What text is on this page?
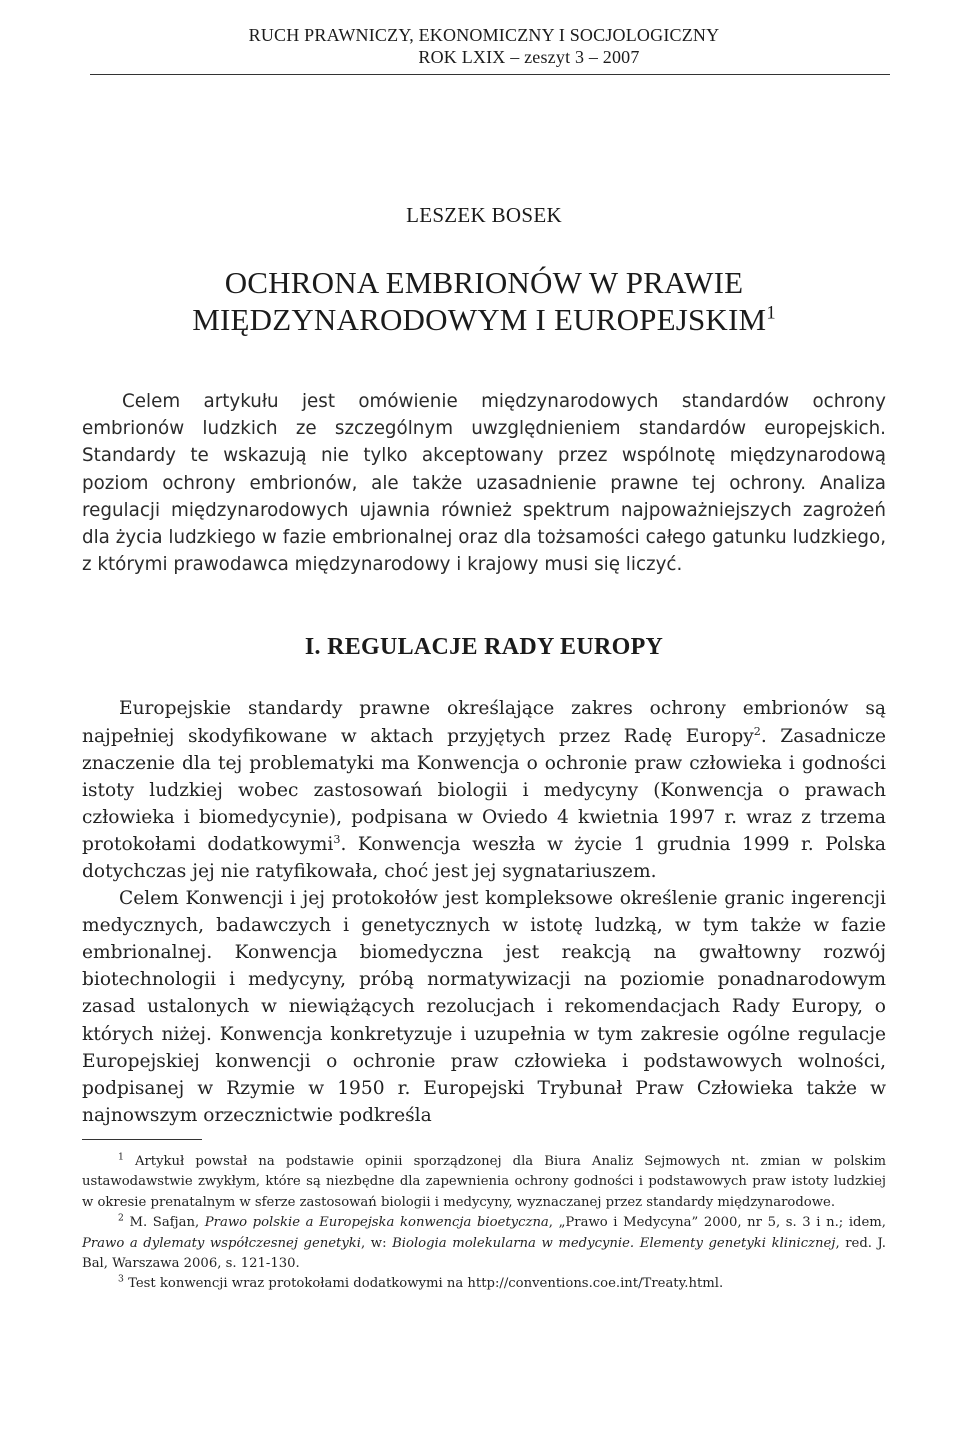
RUCH PRAWNICZY, EKONOMICZNY I SOCJOLOGICZNY
ROK LXIX – zeszyt 3 – 2007
LESZEK BOSEK
OCHRONA EMBRIONÓW W PRAWIE
MIĘDZYNARODOWYM I EUROPEJSKIM$^1$
Celem artykułu jest omówienie międzynarodowych standardów ochrony embrionów ludzkich ze szczególnym uwzględnieniem standardów europejskich. Standardy te wskazują nie tylko akceptowany przez wspólnotę międzynarodową poziom ochrony embrionów, ale także uzasadnienie prawne tej ochrony. Analiza regulacji międzynarodowych ujawnia również spektrum najpoważniejszych zagrożeń dla życia ludzkiego w fazie embrionalnej oraz dla tożsamości całego gatunku ludzkiego, z którymi prawodawca międzynarodowy i krajowy musi się liczyć.
I. REGULACJE RADY EUROPY

Europejskie standardy prawne określające zakres ochrony embrionów są najpełniej skodyfikowane w aktach przyjętych przez Radę Europy$^2$. Zasadnicze znaczenie dla tej problematyki ma Konwencja o ochronie praw człowieka i godności istoty ludzkiej wobec zastosowań biologii i medycyny (Konwencja o prawach człowieka i biomedycynie), podpisana w Oviedo 4 kwietnia 1997 r. wraz z trzema protokołami dodatkowymi$^3$. Konwencja weszła w życie 1 grudnia 1999 r. Polska dotychczas jej nie ratyfikowała, choć jest jej sygnatariuszem.

Celem Konwencji i jej protokołów jest kompleksowe określenie granic ingerencji medycznych, badawczych i genetycznych w istotę ludzką, w tym także w fazie embrionalnej. Konwencja biomedyczna jest reakcją na gwałtowny rozwój biotechnologii i medycyny, próbą normatywizacji na poziomie ponadnarodowym zasad ustalonych w niewiążących rezolucjach i rekomendacjach Rady Europy, o których niżej. Konwencja konkretyzuje i uzupełnia w tym zakresie ogólne regulacje Europejskiej konwencji o ochronie praw człowieka i podstawowych wolności, podpisanej w Rzymie w 1950 r. Europejski Trybunał Praw Człowieka także w najnowszym orzecznictwie podkreśla

$^1$ Artykuł powstał na podstawie opinii sporządzonej dla Biura Analiz Sejmowych nt. zmian w polskim ustawodawstwie zwykłym, które są niezbędne dla zapewnienia ochrony godności i podstawowych praw istoty ludzkiej w okresie prenatalnym w sferze zastosowań biologii i medycyny, wyznaczanej przez standardy międzynarodowe.

$^2$ M. Safjan, Prawo polskie a Europejska konwencja bioetyczna, „Prawo i Medycyna” 2000, nr 5, s. 3 i n.; idem, Prawo a dylematy współczesnej genetyki, w: Biologia molekularna w medycynie. Elementy genetyki klinicznej, red. J. Bal, Warszawa 2006, s. 121-130.

$^3$ Test konwencji wraz protokołami dodatkowymi na http://conventions.coe.int/Treaty.html.
